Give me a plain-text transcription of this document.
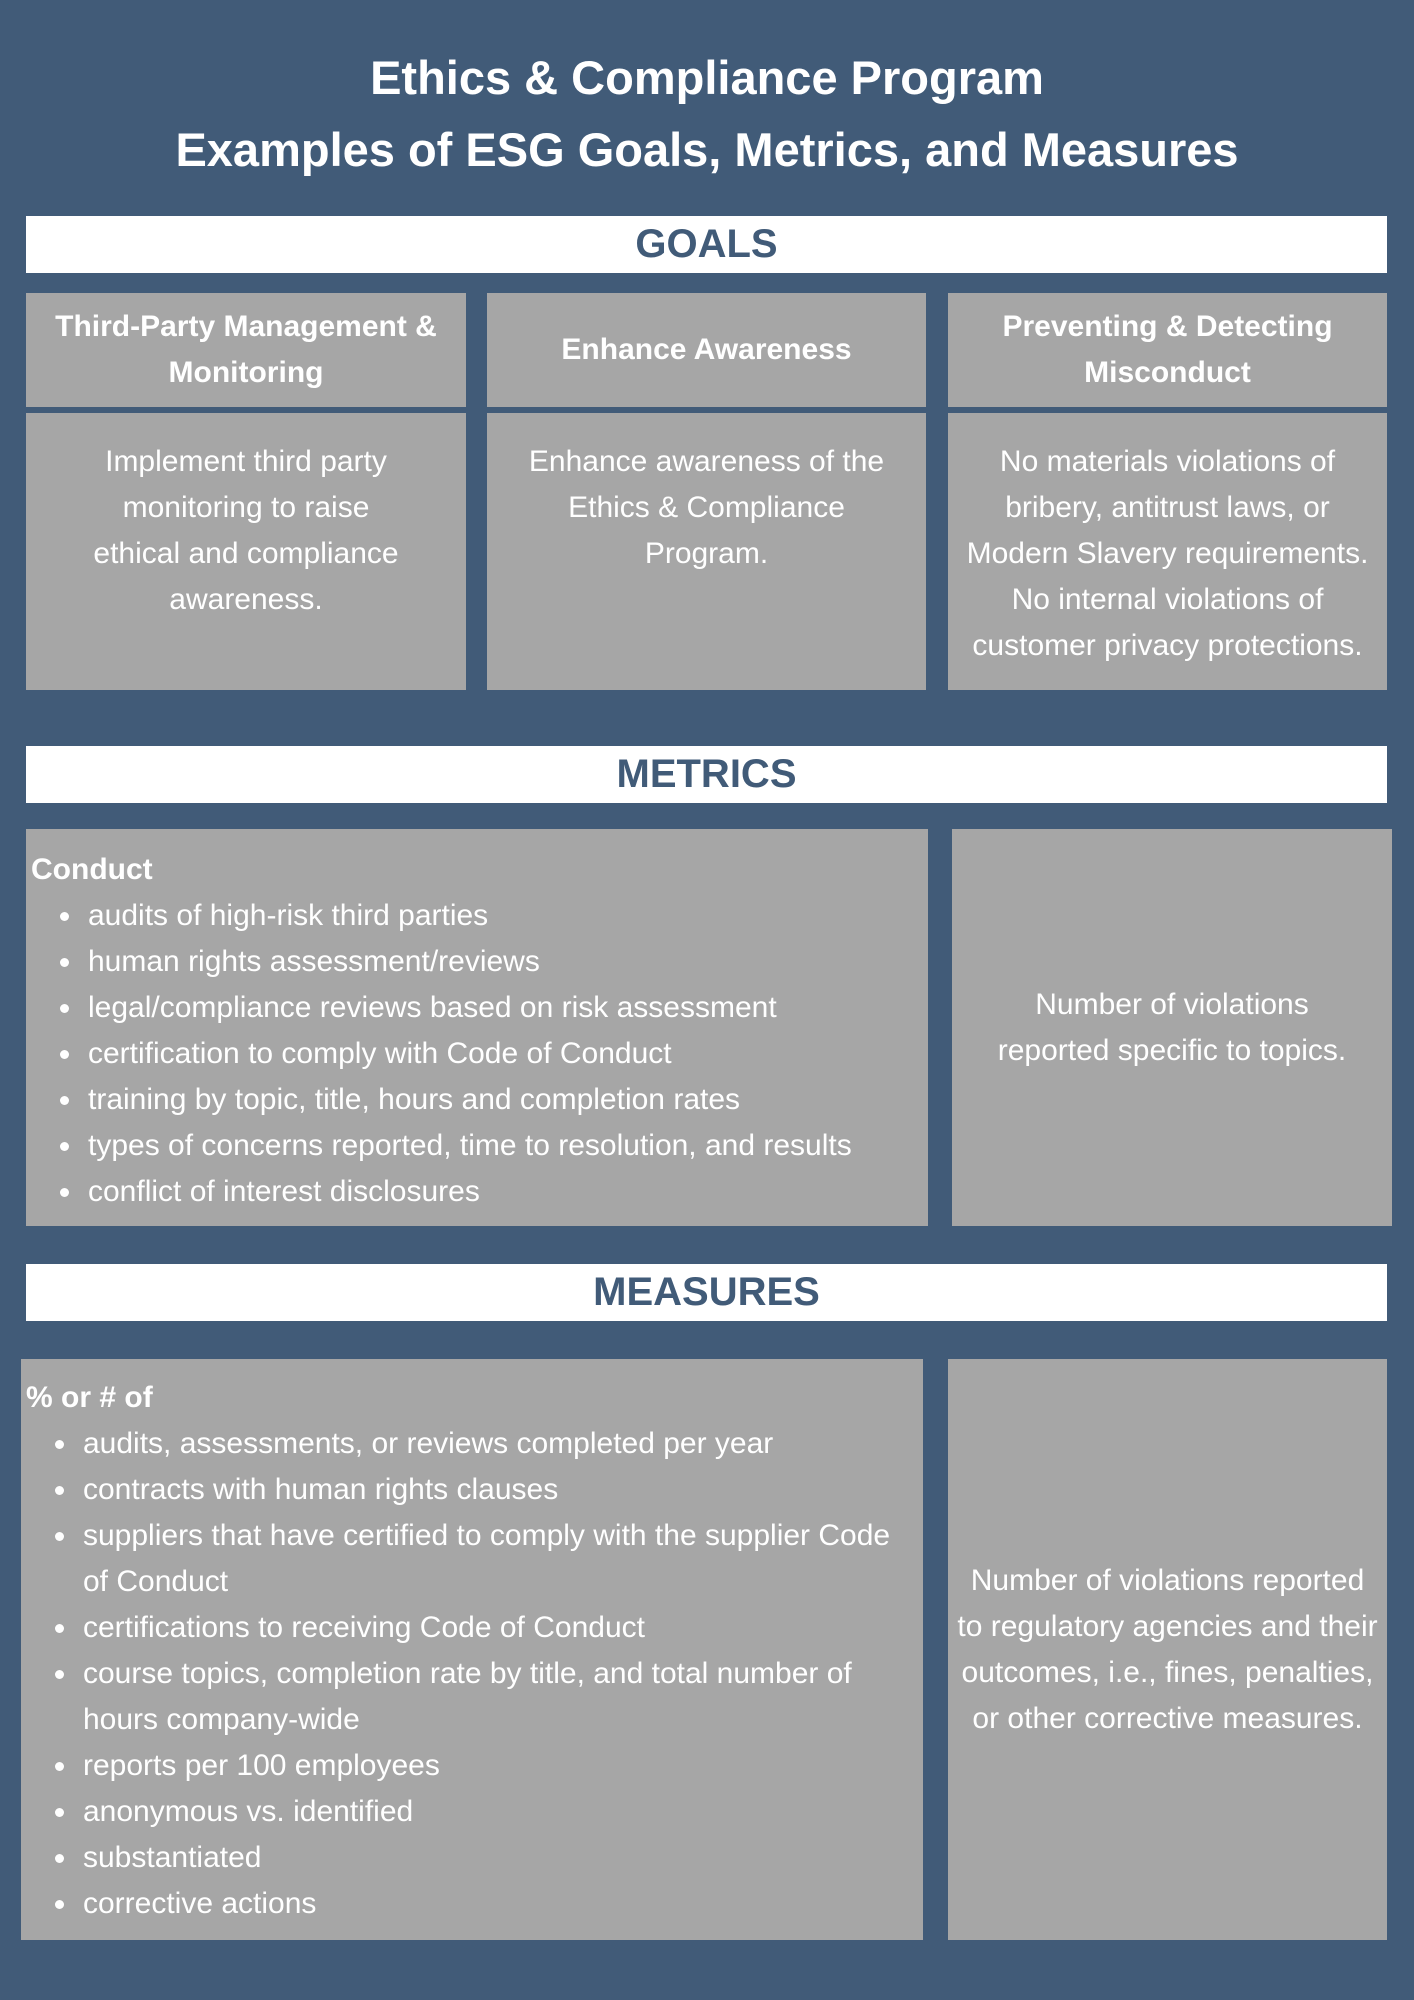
Ethics & Compliance Program
Examples of ESG Goals, Metrics, and Measures
GOALS
Third-Party Management & Monitoring
Enhance Awareness
Preventing & Detecting Misconduct
Implement third party monitoring to raise ethical and compliance awareness.
Enhance awareness of the Ethics & Compliance Program.
No materials violations of bribery, antitrust laws, or Modern Slavery requirements. No internal violations of customer privacy protections.
METRICS
Conduct
audits of high-risk third parties
human rights assessment/reviews
legal/compliance reviews based on risk assessment
certification to comply with Code of Conduct
training by topic, title, hours and completion rates
types of concerns reported, time to resolution, and results
conflict of interest disclosures
Number of violations reported specific to topics.
MEASURES
% or # of
audits, assessments, or reviews completed per year
contracts with human rights clauses
suppliers that have certified to comply with the supplier Code of Conduct
certifications to receiving Code of Conduct
course topics, completion rate by title, and total number of hours company-wide
reports per 100 employees
anonymous vs. identified
substantiated
corrective actions
Number of violations reported to regulatory agencies and their outcomes, i.e., fines, penalties, or other corrective measures.
